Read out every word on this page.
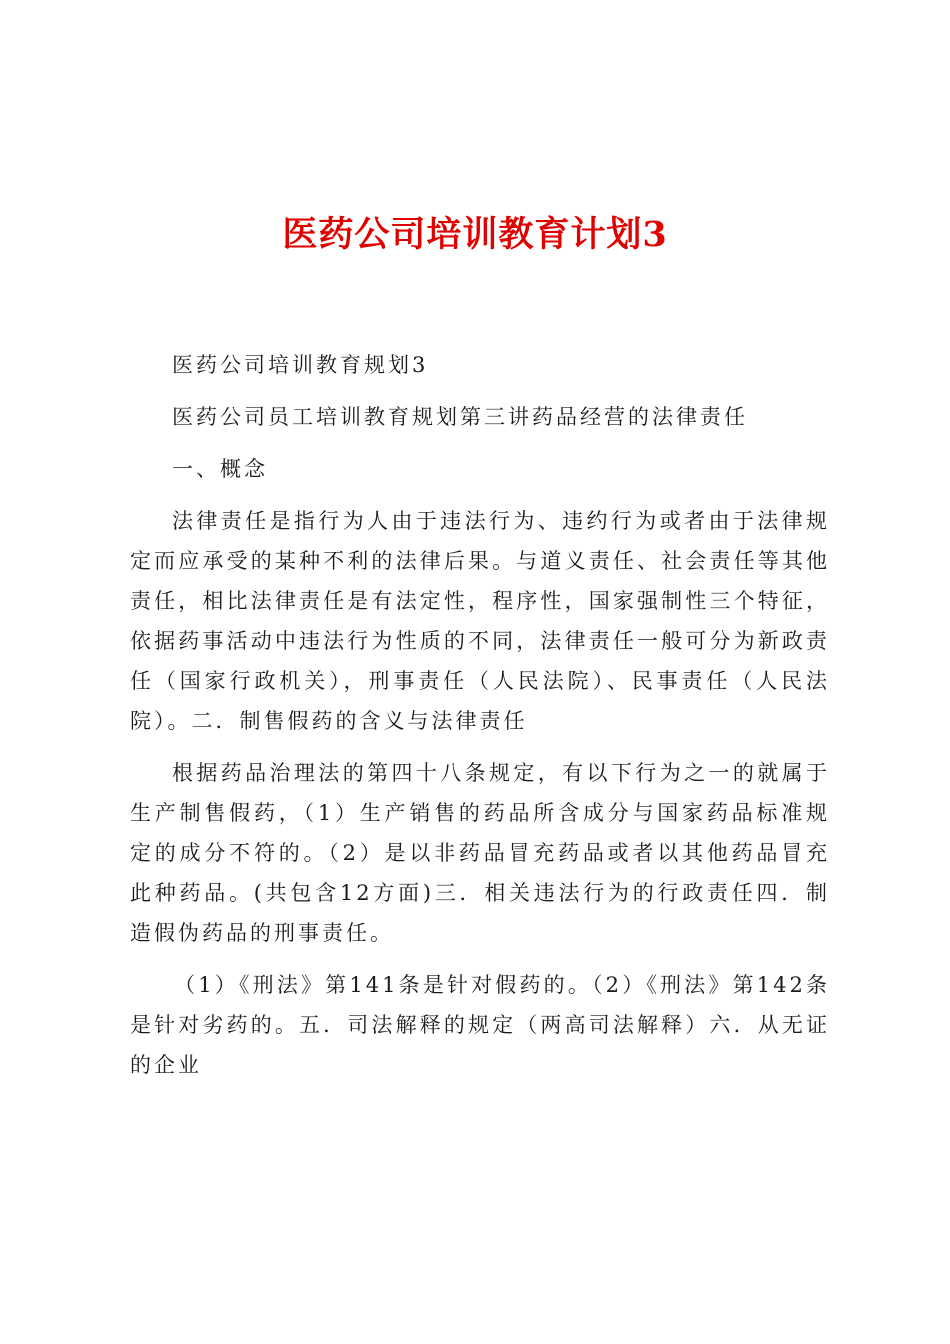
医药公司培训教育计划3

医药公司培训教育规划3

医药公司员工培训教育规划第三讲药品经营的法律责任

一、概念

法律责任是指行为人由于违法行为、违约行为或者由于法律规定而应承受的某种不利的法律后果。与道义责任、社会责任等其他责任，相比法律责任是有法定性，程序性，国家强制性三个特征，依据药事活动中违法行为性质的不同，法律责任一般可分为新政责任（国家行政机关），刑事责任（人民法院）、民事责任（人民法院）。二．制售假药的含义与法律责任

根据药品治理法的第四十八条规定，有以下行为之一的就属于生产制售假药，（1）生产销售的药品所含成分与国家药品标准规定的成分不符的。（2）是以非药品冒充药品或者以其他药品冒充此种药品。(共包含12方面)三．相关违法行为的行政责任四．制造假伪药品的刑事责任。

（1）《刑法》第141条是针对假药的。（2）《刑法》第142条是针对劣药的。五．司法解释的规定（两高司法解释）六．从无证的企业
